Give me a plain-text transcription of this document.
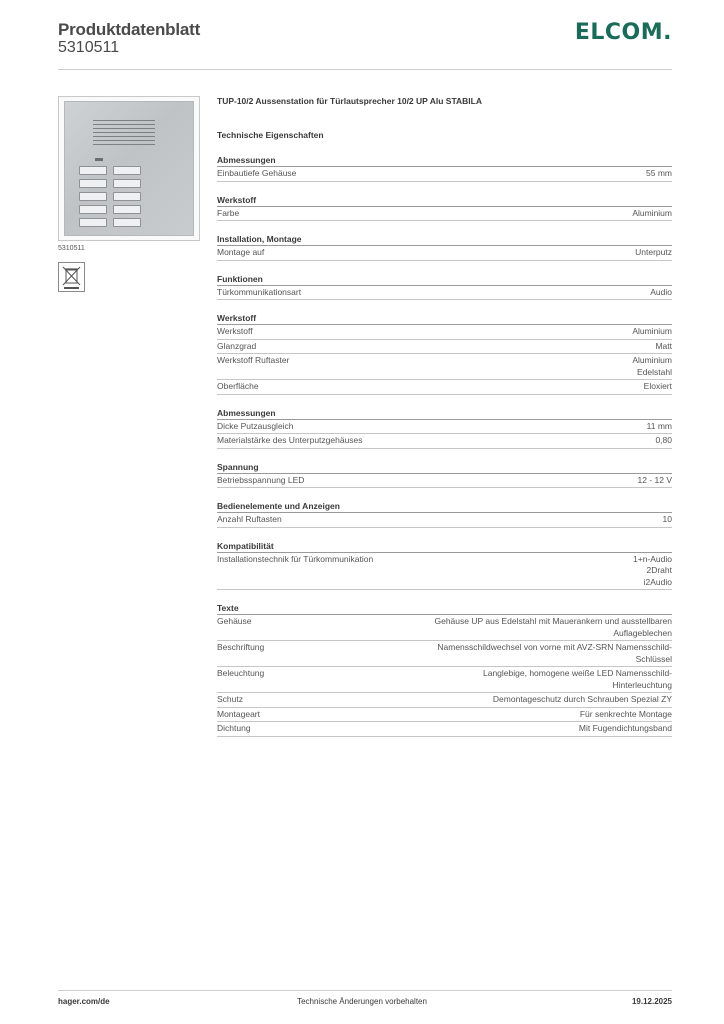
Produktdatenblatt
5310511
ELCOM.
5310511
TUP-10/2 Aussenstation für Türlautsprecher 10/2 UP Alu STABILA
Technische Eigenschaften
Abmessungen
Einbautiefe Gehäuse	55 mm
Werkstoff
Farbe	Aluminium
Installation, Montage
Montage auf	Unterputz
Funktionen
Türkommunikationsart	Audio
Werkstoff
Werkstoff	Aluminium
Glanzgrad	Matt
Werkstoff Ruftaster	Aluminium
Edelstahl
Oberfläche	Eloxiert
Abmessungen
Dicke Putzausgleich	11 mm
Materialstärke des Unterputzgehäuses	0,80
Spannung
Betriebsspannung LED	12 - 12 V
Bedienelemente und Anzeigen
Anzahl Ruftasten	10
Kompatibilität
Installationstechnik für Türkommunikation	1+n-Audio
2Draht
i2Audio
Texte
Gehäuse	Gehäuse UP aus Edelstahl mit Mauerankern und ausstellbaren
Auflageblechen
Beschriftung	Namensschildwechsel von vorne mit AVZ-SRN Namensschild-
Schlüssel
Beleuchtung	Langlebige, homogene weiße LED Namensschild-
Hinterleuchtung
Schutz	Demontageschutz durch Schrauben Spezial ZY
Montageart	Für senkrechte Montage
Dichtung	Mit Fugendichtungsband
hager.com/de	Technische Änderungen vorbehalten	19.12.2025
